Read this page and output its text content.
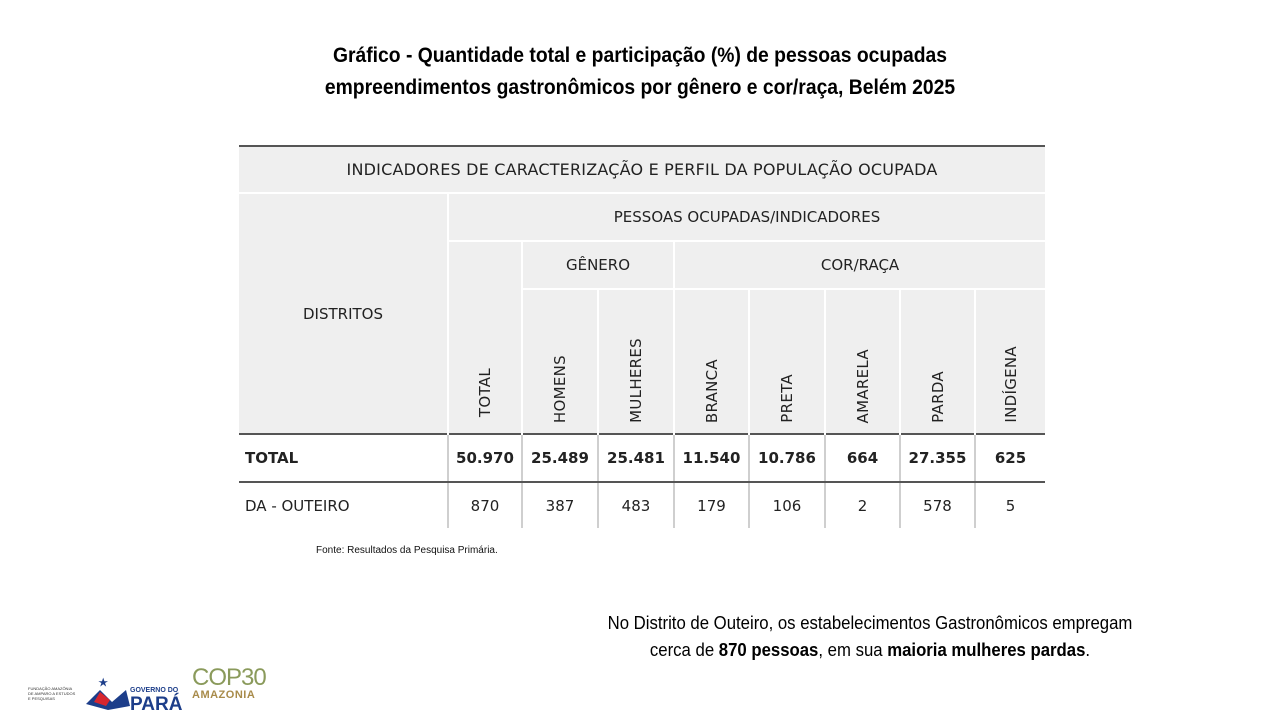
Gráfico - Quantidade total e participação (%) de pessoas ocupadas
empreendimentos gastronômicos por gênero e cor/raça, Belém 2025
INDICADORES DE CARACTERIZAÇÃO E PERFIL DA POPULAÇÃO OCUPADA								
DISTRITOS	PESSOAS OCUPADAS/INDICADORES							

	TOTAL	GÊNERO		COR/RAÇA				

		HOMENS	MULHERES	BRANCA	PRETA	AMARELA	PARDA	INDÍGENA

TOTAL	50.970	25.489	25.481	11.540	10.786	664	27.355	625
DA - OUTEIRO	870	387	483	179	106	2	578	5
Fonte: Resultados da Pesquisa Primária.
No Distrito de Outeiro, os estabelecimentos Gastronômicos empregam
cerca de 870 pessoas, em sua maioria mulheres pardas.
FUNDAÇÃO AMAZÔNIA DE AMPARO A ESTUDOS E PESQUISAS
GOVERNO DO
PARÁ
COP30
AMAZONIA
